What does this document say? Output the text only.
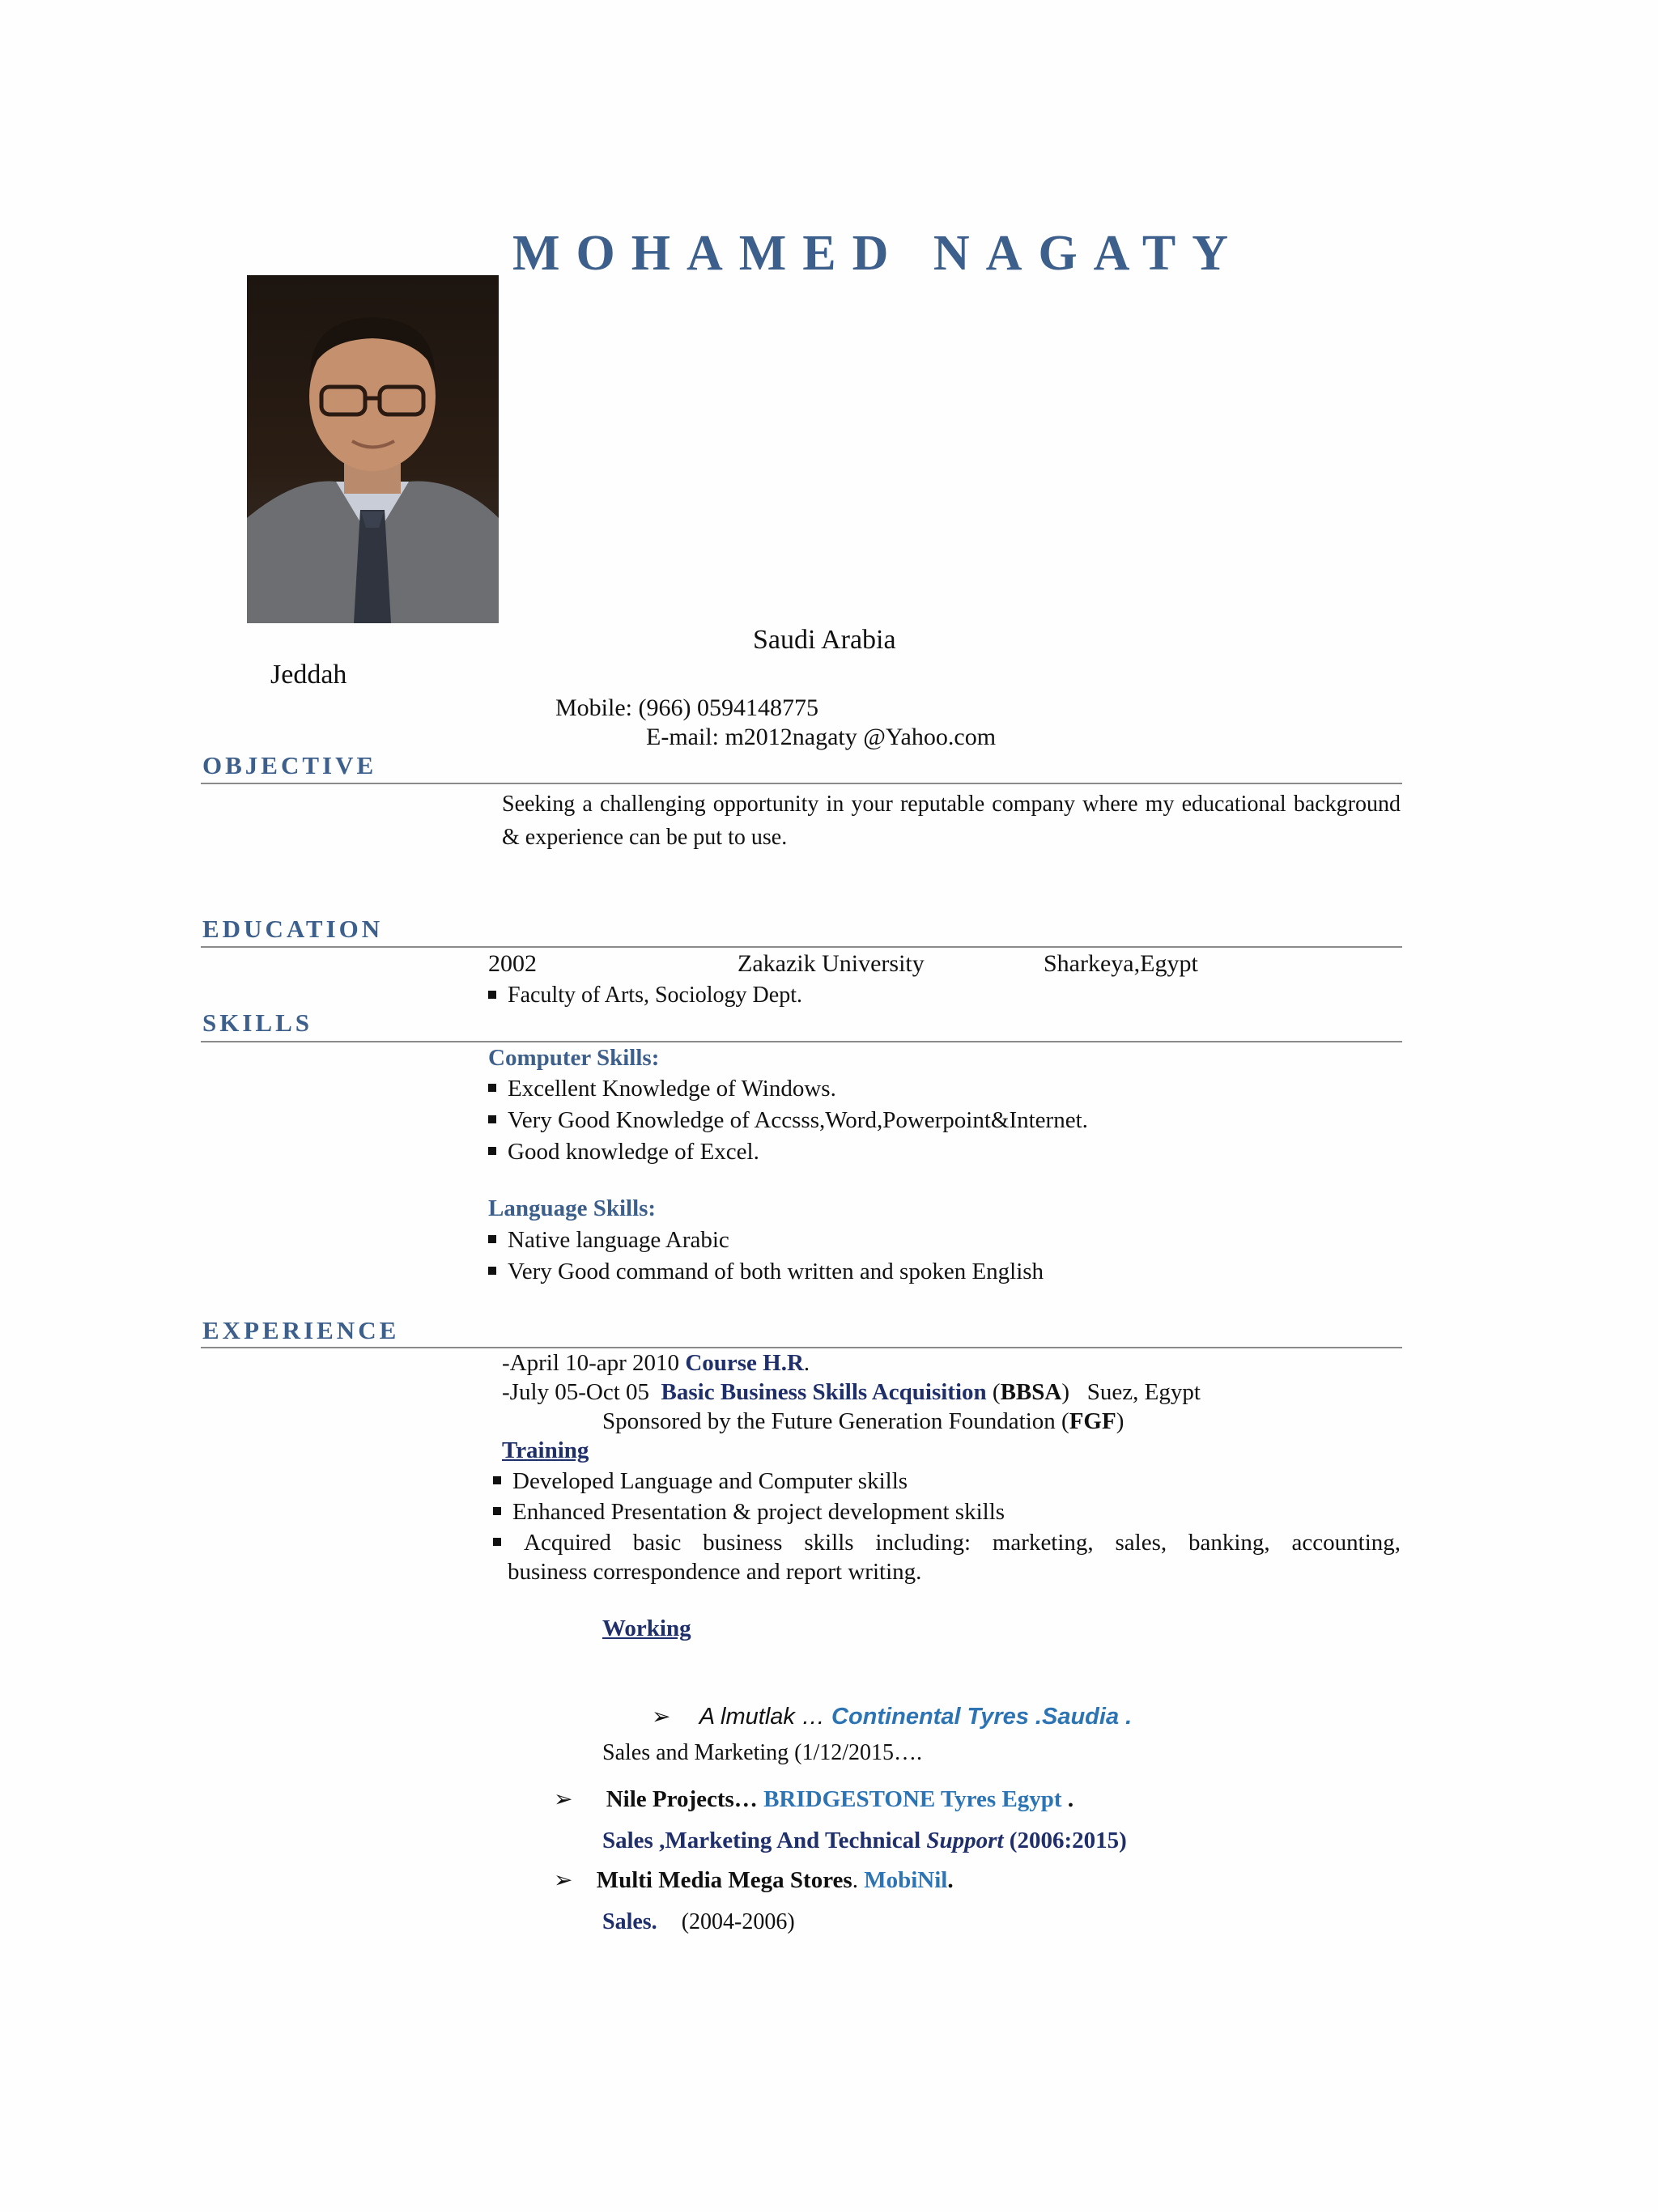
MOHAMED NAGATY
Saudi Arabia
Jeddah
Mobile: (966) 0594148775
E-mail: m2012nagaty @Yahoo.com
OBJECTIVE
Seeking a challenging opportunity in your reputable company where my educational background & experience can be put to use.
EDUCATION
2002	Zakazik University	Sharkeya,Egypt
Faculty of Arts, Sociology Dept.
SKILLS
Computer Skills:
Excellent Knowledge of Windows.
Very Good Knowledge of Accsss,Word,Powerpoint&Internet.
Good knowledge of Excel.
Language Skills:
Native language Arabic
Very Good command of both written and spoken English
EXPERIENCE
-April 10-apr 2010 Course H.R.
-July 05-Oct 05  Basic Business Skills Acquisition (BBSA)   Suez, Egypt
Sponsored by the Future Generation Foundation (FGF)
Training
Developed Language and Computer skills
Enhanced Presentation & project development skills
Acquired basic business skills including: marketing, sales, banking, accounting,
business correspondence and report writing.
Working
➢ A lmutlak … Continental Tyres .Saudia .
Sales and Marketing (1/12/2015….
➢ Nile Projects… BRIDGESTONE Tyres Egypt .
Sales ,Marketing And Technical Support (2006:2015)
➢ Multi Media Mega Stores. MobiNil.
Sales. (2004-2006)
